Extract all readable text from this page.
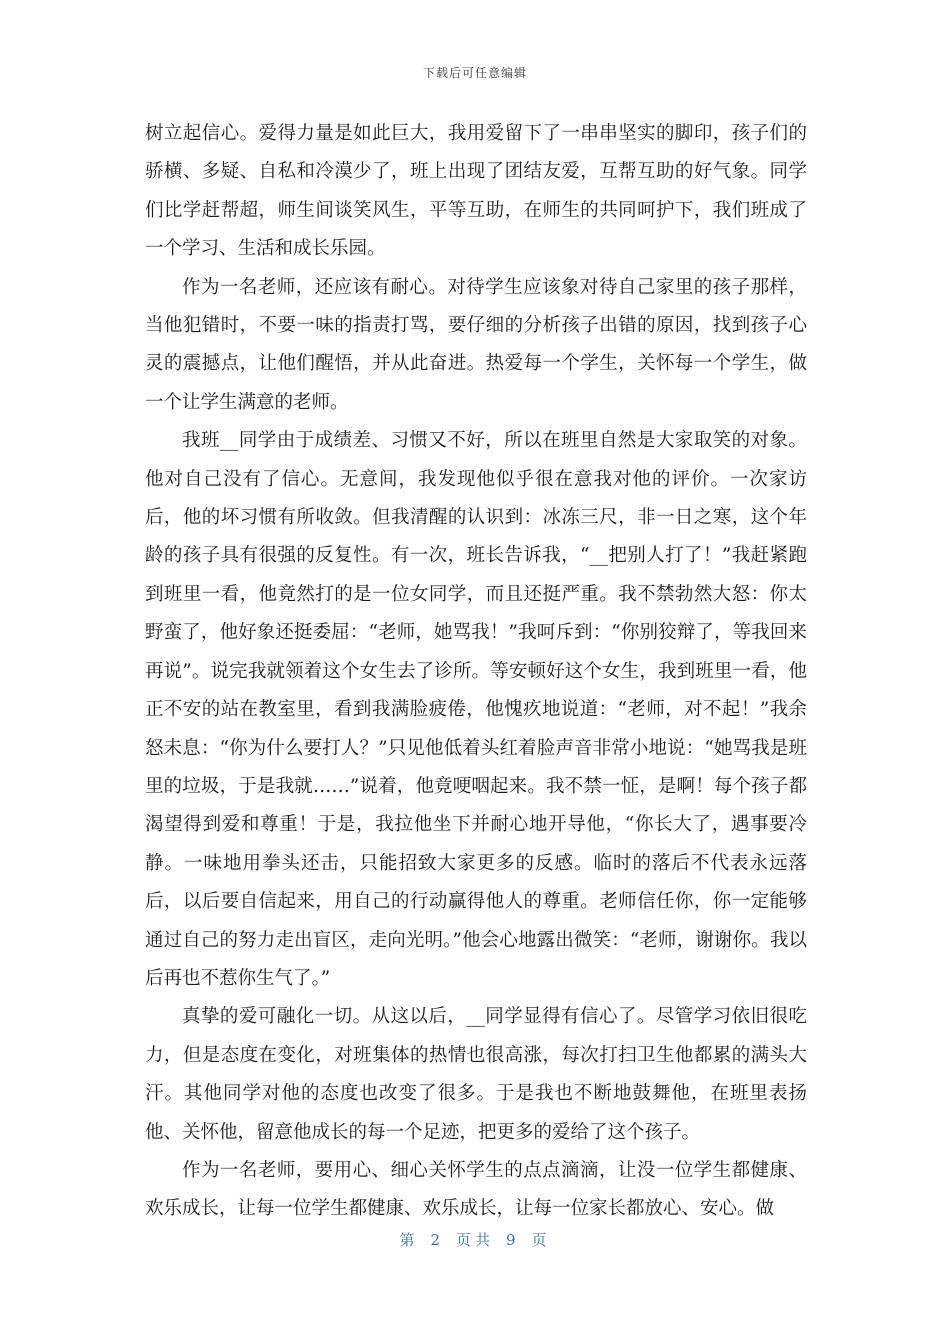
下载后可任意编辑

树立起信心。爱得力量是如此巨大，我用爱留下了一串串坚实的脚印，孩子们的骄横、多疑、自私和冷漠少了，班上出现了团结友爱，互帮互助的好气象。同学们比学赶帮超，师生间谈笑风生，平等互助，在师生的共同呵护下，我们班成了一个学习、生活和成长乐园。

作为一名老师，还应该有耐心。对待学生应该象对待自己家里的孩子那样，当他犯错时，不要一味的指责打骂，要仔细的分析孩子出错的原因，找到孩子心灵的震撼点，让他们醒悟，并从此奋进。热爱每一个学生，关怀每一个学生，做一个让学生满意的老师。

我班__同学由于成绩差、习惯又不好，所以在班里自然是大家取笑的对象。他对自己没有了信心。无意间，我发现他似乎很在意我对他的评价。一次家访后，他的坏习惯有所收敛。但我清醒的认识到：冰冻三尺，非一日之寒，这个年龄的孩子具有很强的反复性。有一次，班长告诉我，“__把别人打了！”我赶紧跑到班里一看，他竟然打的是一位女同学，而且还挺严重。我不禁勃然大怒：你太野蛮了，他好象还挺委屈：“老师，她骂我！”我呵斥到：“你别狡辩了，等我回来再说”。说完我就领着这个女生去了诊所。等安顿好这个女生，我到班里一看，他正不安的站在教室里，看到我满脸疲倦，他愧疚地说道：“老师，对不起！”我余怒未息：“你为什么要打人？”只见他低着头红着脸声音非常小地说：“她骂我是班里的垃圾，于是我就……”说着，他竟哽咽起来。我不禁一怔，是啊！每个孩子都渴望得到爱和尊重！于是，我拉他坐下并耐心地开导他，“你长大了，遇事要冷静。一味地用拳头还击，只能招致大家更多的反感。临时的落后不代表永远落后，以后要自信起来，用自己的行动赢得他人的尊重。老师信任你，你一定能够通过自己的努力走出盲区，走向光明。”他会心地露出微笑：“老师，谢谢你。我以后再也不惹你生气了。”

真挚的爱可融化一切。从这以后，__同学显得有信心了。尽管学习依旧很吃力，但是态度在变化，对班集体的热情也很高涨，每次打扫卫生他都累的满头大汗。其他同学对他的态度也改变了很多。于是我也不断地鼓舞他，在班里表扬他、关怀他，留意他成长的每一个足迹，把更多的爱给了这个孩子。

作为一名老师，要用心、细心关怀学生的点点滴滴，让没一位学生都健康、欢乐成长，让每一位学生都健康、欢乐成长，让每一位家长都放心、安心。做

第 2 页共 9 页
